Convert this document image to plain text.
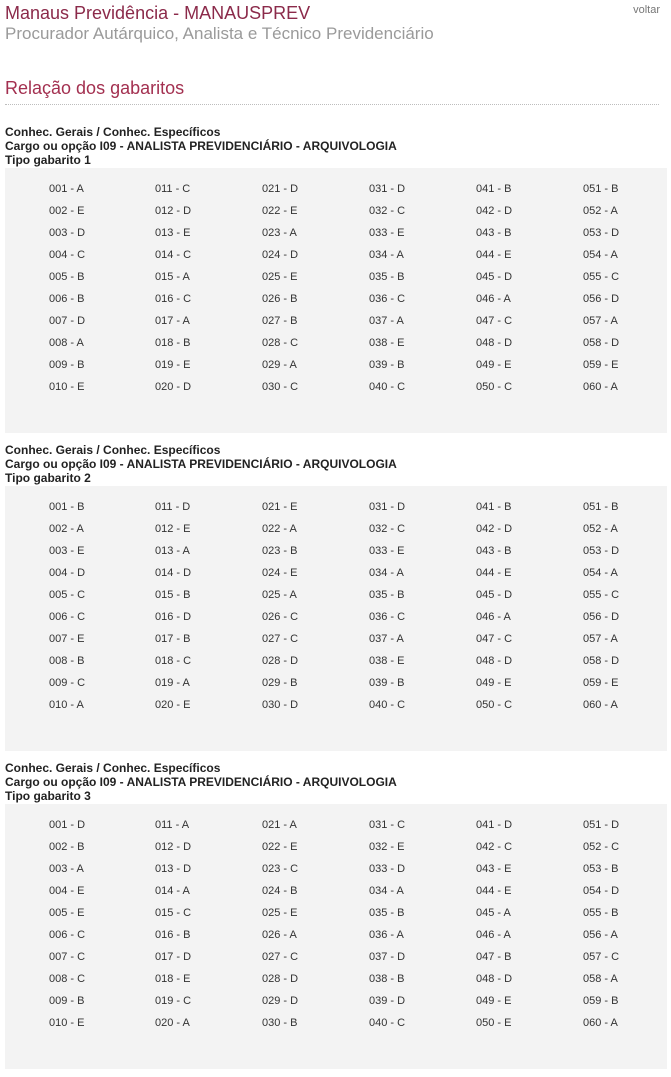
voltar
Manaus Previdência - MANAUSPREV
Procurador Autárquico, Analista e Técnico Previdenciário
Relação dos gabaritos
Conhec. Gerais / Conhec. Específicos
Cargo ou opção I09 - ANALISTA PREVIDENCIÁRIO - ARQUIVOLOGIA
Tipo gabarito 1
001 - A
002 - E
003 - D
004 - C
005 - B
006 - B
007 - D
008 - A
009 - B
010 - E
011 - C
012 - D
013 - E
014 - C
015 - A
016 - C
017 - A
018 - B
019 - E
020 - D
021 - D
022 - E
023 - A
024 - D
025 - E
026 - B
027 - B
028 - C
029 - A
030 - C
031 - D
032 - C
033 - E
034 - A
035 - B
036 - C
037 - A
038 - E
039 - B
040 - C
041 - B
042 - D
043 - B
044 - E
045 - D
046 - A
047 - C
048 - D
049 - E
050 - C
051 - B
052 - A
053 - D
054 - A
055 - C
056 - D
057 - A
058 - D
059 - E
060 - A
Conhec. Gerais / Conhec. Específicos
Cargo ou opção I09 - ANALISTA PREVIDENCIÁRIO - ARQUIVOLOGIA
Tipo gabarito 2
001 - B
002 - A
003 - E
004 - D
005 - C
006 - C
007 - E
008 - B
009 - C
010 - A
011 - D
012 - E
013 - A
014 - D
015 - B
016 - D
017 - B
018 - C
019 - A
020 - E
021 - E
022 - A
023 - B
024 - E
025 - A
026 - C
027 - C
028 - D
029 - B
030 - D
031 - D
032 - C
033 - E
034 - A
035 - B
036 - C
037 - A
038 - E
039 - B
040 - C
041 - B
042 - D
043 - B
044 - E
045 - D
046 - A
047 - C
048 - D
049 - E
050 - C
051 - B
052 - A
053 - D
054 - A
055 - C
056 - D
057 - A
058 - D
059 - E
060 - A
Conhec. Gerais / Conhec. Específicos
Cargo ou opção I09 - ANALISTA PREVIDENCIÁRIO - ARQUIVOLOGIA
Tipo gabarito 3
001 - D
002 - B
003 - A
004 - E
005 - E
006 - C
007 - C
008 - C
009 - B
010 - E
011 - A
012 - D
013 - D
014 - A
015 - C
016 - B
017 - D
018 - E
019 - C
020 - A
021 - A
022 - E
023 - C
024 - B
025 - E
026 - A
027 - C
028 - D
029 - D
030 - B
031 - C
032 - E
033 - D
034 - A
035 - B
036 - A
037 - D
038 - B
039 - D
040 - C
041 - D
042 - C
043 - E
044 - E
045 - A
046 - A
047 - B
048 - D
049 - E
050 - E
051 - D
052 - C
053 - B
054 - D
055 - B
056 - A
057 - C
058 - A
059 - B
060 - A
